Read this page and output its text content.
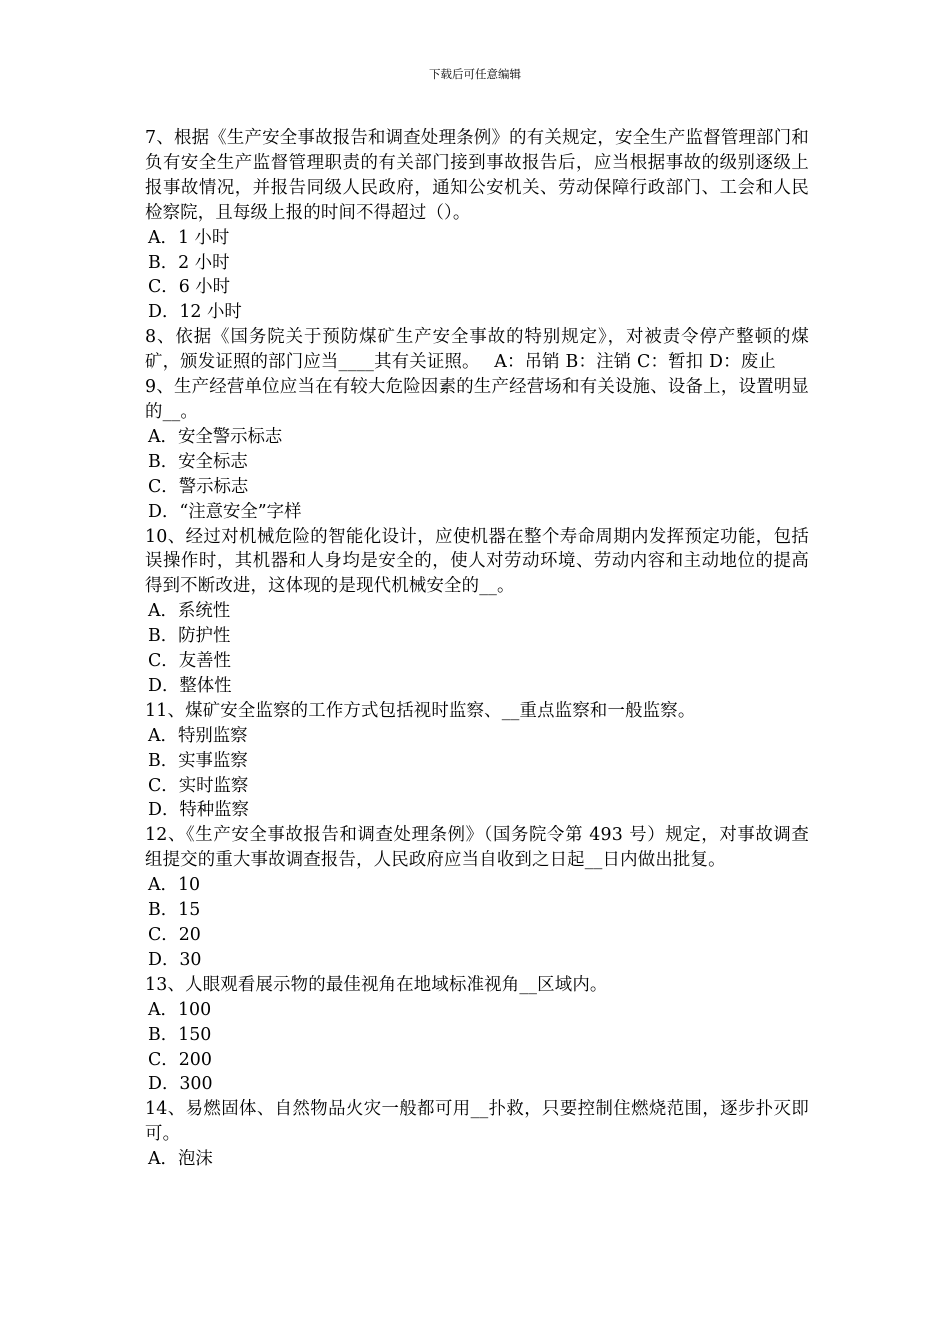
下载后可任意编辑

7、根据《生产安全事故报告和调查处理条例》的有关规定，安全生产监督管理部门和负有安全生产监督管理职责的有关部门接到事故报告后，应当根据事故的级别逐级上报事故情况，并报告同级人民政府，通知公安机关、劳动保障行政部门、工会和人民检察院，且每级上报的时间不得超过（）。

A．1 小时

B．2 小时

C．6 小时

D．12 小时

8、依据《国务院关于预防煤矿生产安全事故的特别规定》，对被责令停产整顿的煤矿，颁发证照的部门应当____其有关证照。　 A：吊销 B：注销 C：暂扣 D：废止

9、生产经营单位应当在有较大危险因素的生产经营场和有关设施、设备上，设置明显的__。

A．安全警示标志

B．安全标志

C．警示标志

D．“注意安全”字样

10、经过对机械危险的智能化设计，应使机器在整个寿命周期内发挥预定功能，包括误操作时，其机器和人身均是安全的，使人对劳动环境、劳动内容和主动地位的提高得到不断改进，这体现的是现代机械安全的__。

A．系统性

B．防护性

C．友善性

D．整体性

11、煤矿安全监察的工作方式包括视时监察、__重点监察和一般监察。

A．特别监察

B．实事监察

C．实时监察

D．特种监察

12、《生产安全事故报告和调查处理条例》（国务院令第 493 号）规定，对事故调查组提交的重大事故调查报告，人民政府应当自收到之日起__日内做出批复。

A．10

B．15

C．20

D．30

13、人眼观看展示物的最佳视角在地域标准视角__区域内。

A．100

B．150

C．200

D．300

14、易燃固体、自然物品火灾一般都可用__扑救，只要控制住燃烧范围，逐步扑灭即可。

A．泡沫
